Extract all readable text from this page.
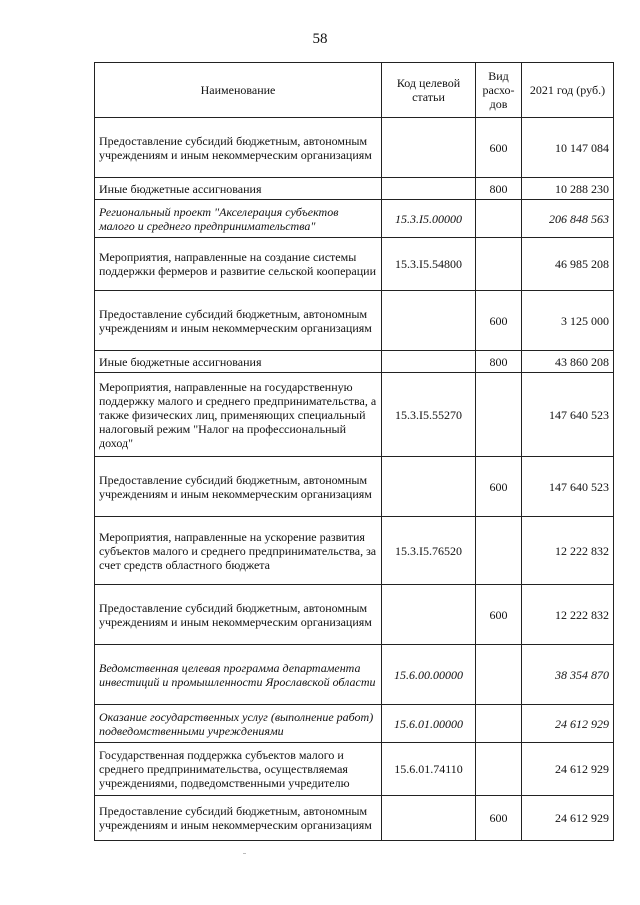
58
Наименование	Код целевой статьи	Вид расхо-дов	2021 год (руб.)
Предоставление субсидий бюджетным, автономным учреждениям и иным некоммерческим организациям		600	10 147 084
Иные бюджетные ассигнования		800	10 288 230
Региональный проект "Акселерация субъектов малого и среднего предпринимательства"	15.3.I5.00000		206 848 563
Мероприятия, направленные на создание системы поддержки фермеров и развитие сельской кооперации	15.3.I5.54800		46 985 208
Предоставление субсидий бюджетным, автономным учреждениям и иным некоммерческим организациям		600	3 125 000
Иные бюджетные ассигнования		800	43 860 208
Мероприятия, направленные на государственную поддержку малого и среднего предпринимательства, а также физических лиц, применяющих специальный налоговый режим "Налог на профессиональный доход"	15.3.I5.55270		147 640 523
Предоставление субсидий бюджетным, автономным учреждениям и иным некоммерческим организациям		600	147 640 523
Мероприятия, направленные на ускорение развития субъектов малого и среднего предпринимательства, за счет средств областного бюджета	15.3.I5.76520		12 222 832
Предоставление субсидий бюджетным, автономным учреждениям и иным некоммерческим организациям		600	12 222 832
Ведомственная целевая программа департамента инвестиций и промышленности Ярославской области	15.6.00.00000		38 354 870
Оказание государственных услуг (выполнение работ) подведомственными учреждениями	15.6.01.00000		24 612 929
Государственная поддержка субъектов малого и среднего предпринимательства, осуществляемая учреждениями, подведомственными учредителю	15.6.01.74110		24 612 929
Предоставление субсидий бюджетным, автономным учреждениям и иным некоммерческим организациям		600	24 612 929
